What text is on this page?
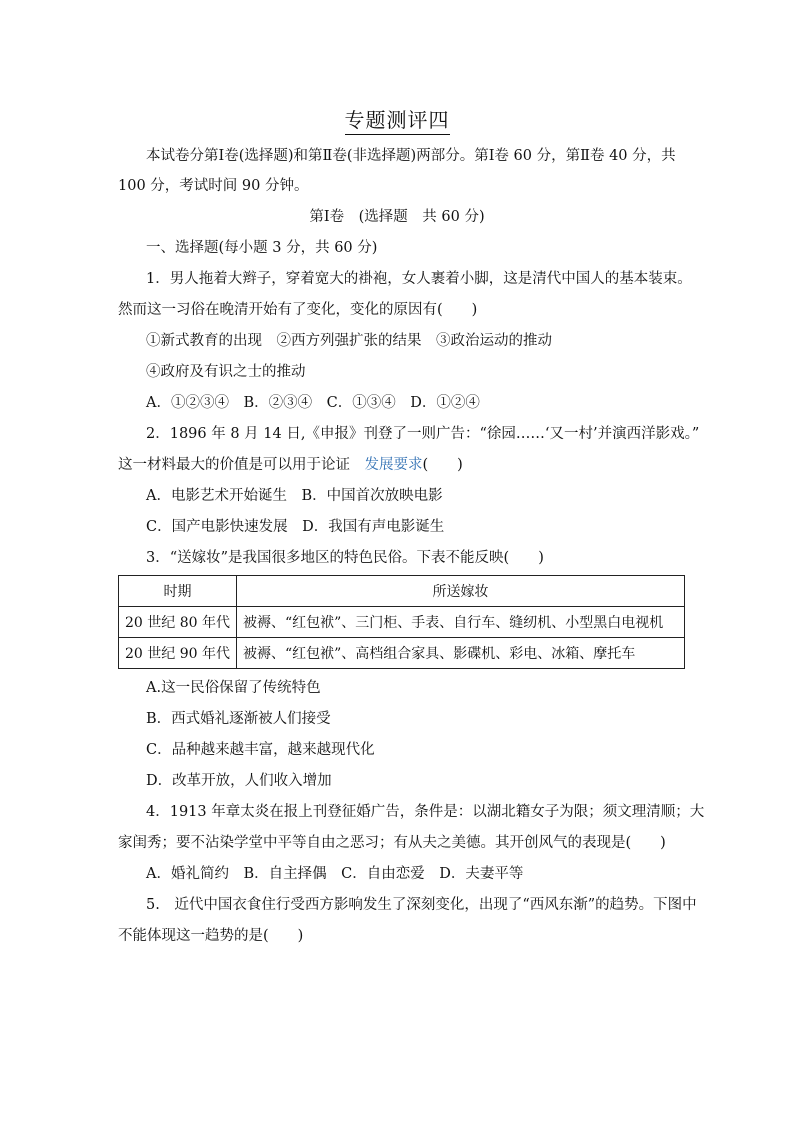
专题测评四
本试卷分第Ⅰ卷(选择题)和第Ⅱ卷(非选择题)两部分。第Ⅰ卷 60 分，第Ⅱ卷 40 分，共
100 分，考试时间 90 分钟。
第Ⅰ卷　(选择题　共 60 分)
一、选择题(每小题 3 分，共 60 分)
1．男人拖着大辫子，穿着宽大的褂袍，女人裹着小脚，这是清代中国人的基本装束。
然而这一习俗在晚清开始有了变化，变化的原因有(　　)
①新式教育的出现　②西方列强扩张的结果　③政治运动的推动
④政府及有识之士的推动
A．①②③④　B．②③④　C．①③④　D．①②④
2．1896 年 8 月 14 日,《申报》刊登了一则广告：“徐园……‘又一村’并演西洋影戏。”
这一材料最大的价值是可以用于论证　发展要求(　　)
A．电影艺术开始诞生　B．中国首次放映电影
C．国产电影快速发展　D．我国有声电影诞生
3．“送嫁妆”是我国很多地区的特色民俗。下表不能反映(　　)
时期	所送嫁妆
20 世纪 80 年代	被褥、“红包袱”、三门柜、手表、自行车、缝纫机、小型黑白电视机
20 世纪 90 年代	被褥、“红包袱”、高档组合家具、影碟机、彩电、冰箱、摩托车
A.这一民俗保留了传统特色
B．西式婚礼逐渐被人们接受
C．品种越来越丰富，越来越现代化
D．改革开放，人们收入增加
4．1913 年章太炎在报上刊登征婚广告，条件是：以湖北籍女子为限；须文理清顺；大
家闺秀；要不沾染学堂中平等自由之恶习；有从夫之美德。其开创风气的表现是(　　)
A．婚礼简约　B．自主择偶　C．自由恋爱　D．夫妻平等
5.　近代中国衣食住行受西方影响发生了深刻变化，出现了“西风东渐”的趋势。下图中
不能体现这一趋势的是(　　)
